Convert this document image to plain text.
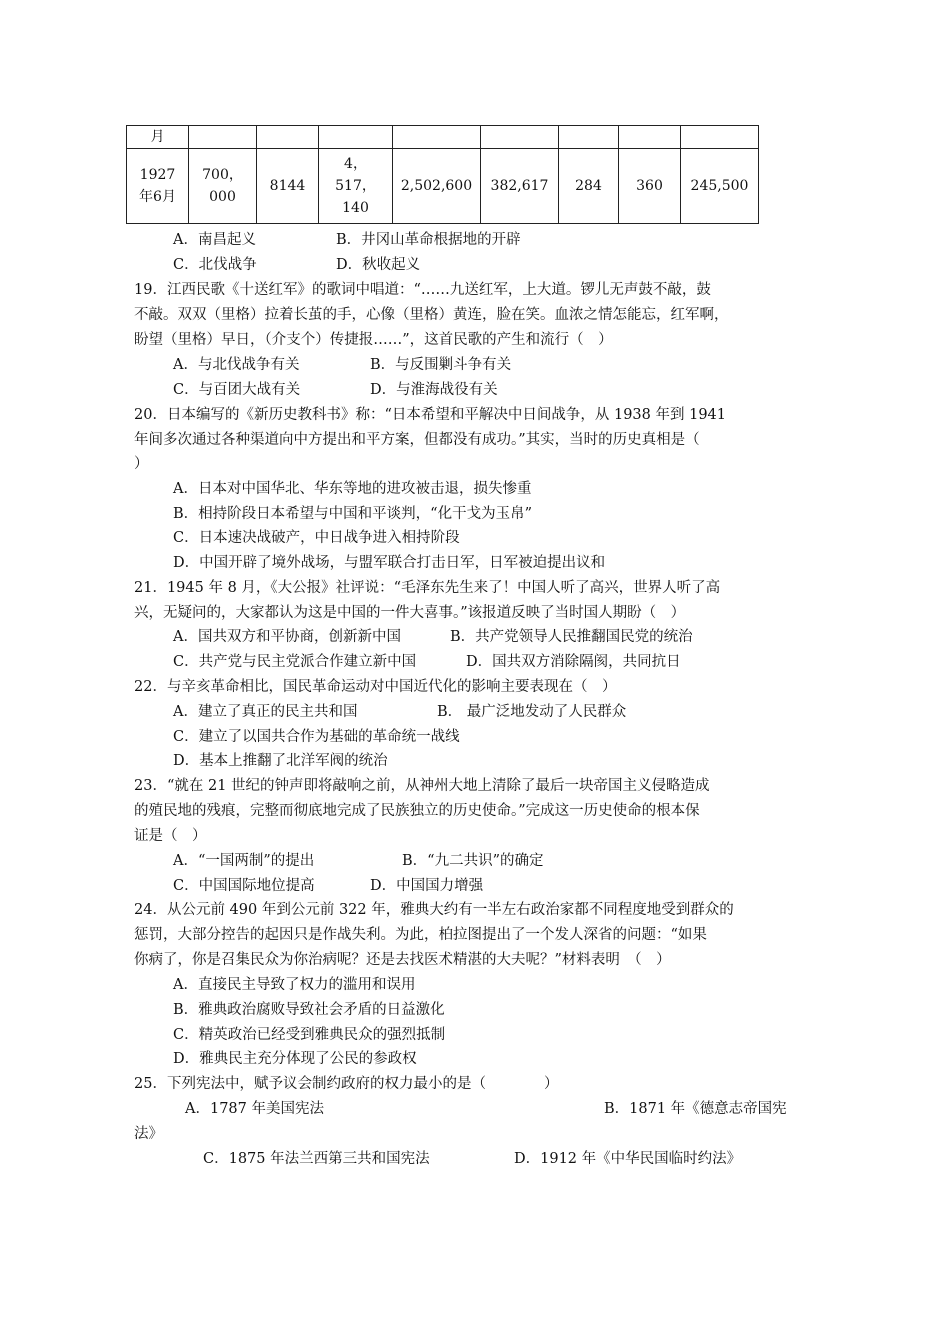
月								
1927年6月	700，000	8144	4，517，140	2,502,600	382,617	284	360	245,500
A．南昌起义	B．井冈山革命根据地的开辟
C．北伐战争	D．秋收起义
19．江西民歌《十送红军》的歌词中唱道：“……九送红军，上大道。锣儿无声鼓不敲，鼓
不敲。双双（里格）拉着长茧的手，心像（里格）黄连，脸在笑。血浓之情怎能忘，红军啊，
盼望（里格）早日，（介支个）传捷报……”，这首民歌的产生和流行（　）
A．与北伐战争有关	B．与反围剿斗争有关
C．与百团大战有关	D．与淮海战役有关
20．日本编写的《新历史教科书》称：“日本希望和平解决中日间战争，从 1938 年到 1941
年间多次通过各种渠道向中方提出和平方案，但都没有成功。”其实，当时的历史真相是（
）
A．日本对中国华北、华东等地的进攻被击退，损失惨重
B．相持阶段日本希望与中国和平谈判，“化干戈为玉帛”
C．日本速决战破产，中日战争进入相持阶段
D．中国开辟了境外战场，与盟军联合打击日军，日军被迫提出议和
21．1945 年 8 月，《大公报》社评说：“毛泽东先生来了！中国人听了高兴，世界人听了高
兴，无疑问的，大家都认为这是中国的一件大喜事。”该报道反映了当时国人期盼（　）
A．国共双方和平协商，创新新中国	B．共产党领导人民推翻国民党的统治
C．共产党与民主党派合作建立新中国	D．国共双方消除隔阂，共同抗日
22．与辛亥革命相比，国民革命运动对中国近代化的影响主要表现在（　）
A．建立了真正的民主共和国	B． 最广泛地发动了人民群众
C．建立了以国共合作为基础的革命统一战线
D．基本上推翻了北洋军阀的统治
23．“就在 21 世纪的钟声即将敲响之前，从神州大地上清除了最后一块帝国主义侵略造成
的殖民地的残痕，完整而彻底地完成了民族独立的历史使命。”完成这一历史使命的根本保
证是（　）
A．“一国两制”的提出	B．“九二共识”的确定
C．中国国际地位提高	D．中国国力增强
24．从公元前 490 年到公元前 322 年，雅典大约有一半左右政治家都不同程度地受到群众的
惩罚，大部分控告的起因只是作战失利。为此，柏拉图提出了一个发人深省的问题：“如果
你病了，你是召集民众为你治病呢？还是去找医术精湛的大夫呢？”材料表明　（　）
A．直接民主导致了权力的滥用和误用
B．雅典政治腐败导致社会矛盾的日益激化
C．精英政治已经受到雅典民众的强烈抵制
D．雅典民主充分体现了公民的参政权
25．下列宪法中，赋予议会制约政府的权力最小的是（　　　　）
A．1787 年美国宪法	B．1871 年《德意志帝国宪
法》
C．1875 年法兰西第三共和国宪法	D．1912 年《中华民国临时约法》
